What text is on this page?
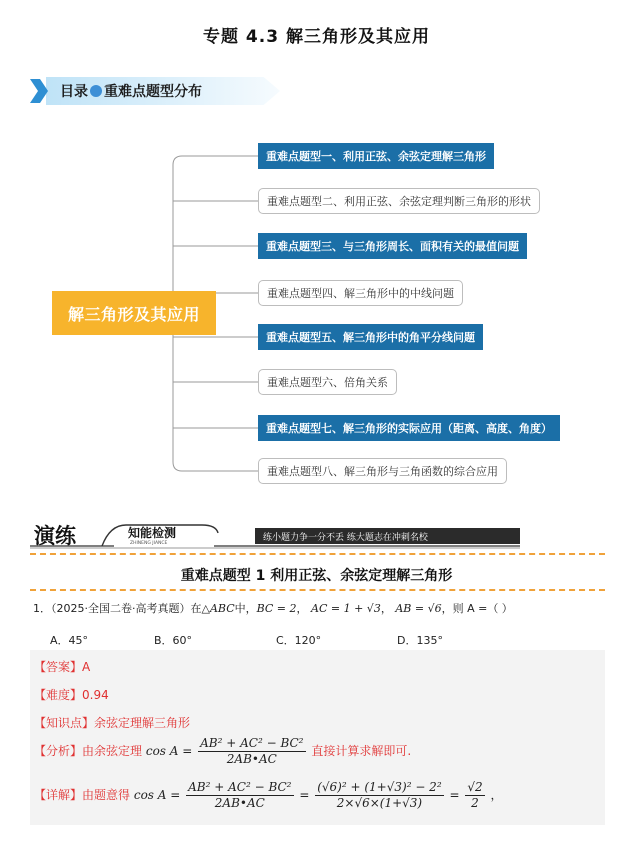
专题 4.3 解三角形及其应用
目录 重难点题型分布
解三角形及其应用
重难点题型一、利用正弦、余弦定理解三角形
重难点题型二、利用正弦、余弦定理判断三角形的形状
重难点题型三、与三角形周长、面积有关的最值问题
重难点题型四、解三角形中的中线问题
重难点题型五、解三角形中的角平分线问题
重难点题型六、倍角关系
重难点题型七、解三角形的实际应用（距离、高度、角度）
重难点题型八、解三角形与三角函数的综合应用
演练	知能检测
ZHINENG JIANCE
练小题力争一分不丢 练大题志在冲刺名校
重难点题型 1 利用正弦、余弦定理解三角形
1．（2025·全国二卷·高考真题）在△ABC中，BC = 2， AC = 1 + √3， AB = √6，则 A =（ ）
A．45°	B．60°	C．120°	D．135°
【答案】A
【难度】0.94
【知识点】余弦定理解三角形
【分析】由余弦定理 $\cos A = \frac{\text{AB² + AC² − BC²}}{2AB•AC}$ 直接计算求解即可.
【详解】由题意得 $\cos A = \frac{\text{AB² + AC² − BC²}}{2AB•AC} = \frac{\text{(√6)² + (1+√3)² − 2²}}{2\times√6\times(1+√3)} = \frac{√2}{2}$ ，
